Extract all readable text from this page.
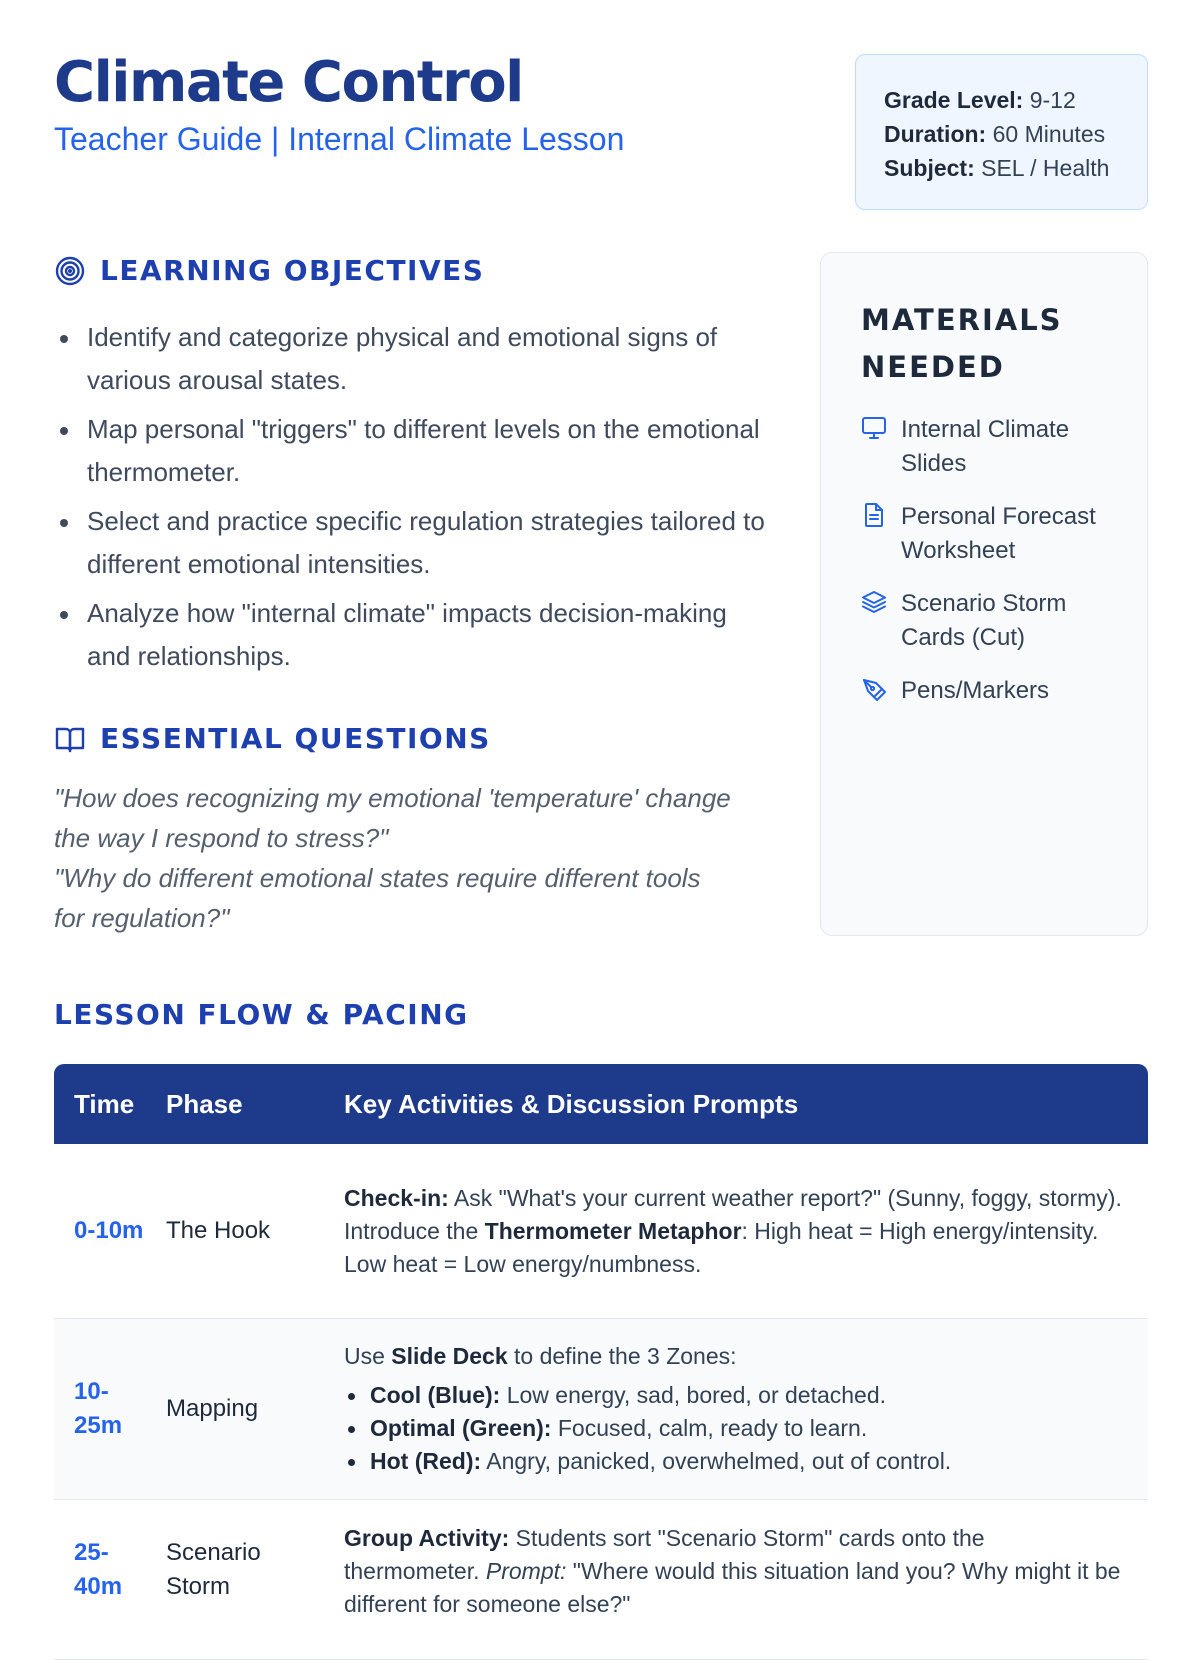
Climate Control
Teacher Guide | Internal Climate Lesson
Grade Level: 9-12
Duration: 60 Minutes
Subject: SEL / Health
LEARNING OBJECTIVES
Identify and categorize physical and emotional signs of various arousal states.
Map personal "triggers" to different levels on the emotional thermometer.
Select and practice specific regulation strategies tailored to different emotional intensities.
Analyze how "internal climate" impacts decision-making and relationships.
ESSENTIAL QUESTIONS
"How does recognizing my emotional 'temperature' change the way I respond to stress?"
"Why do different emotional states require different tools for regulation?"
MATERIALS NEEDED
Internal Climate Slides
Personal Forecast Worksheet
Scenario Storm Cards (Cut)
Pens/Markers
LESSON FLOW & PACING
Time	Phase	Key Activities & Discussion Prompts
0-10m The Hook
Check-in: Ask "What's your current weather report?" (Sunny, foggy, stormy).
Introduce the Thermometer Metaphor: High heat = High energy/intensity. Low heat = Low energy/numbness.
10-25m
Mapping
Use Slide Deck to define the 3 Zones:
Cool (Blue): Low energy, sad, bored, or detached.
Optimal (Green): Focused, calm, ready to learn.
Hot (Red): Angry, panicked, overwhelmed, out of control.
25-40m
Scenario Storm
Group Activity: Students sort "Scenario Storm" cards onto the thermometer. Prompt: "Where would this situation land you? Why might it be different for someone else?"
